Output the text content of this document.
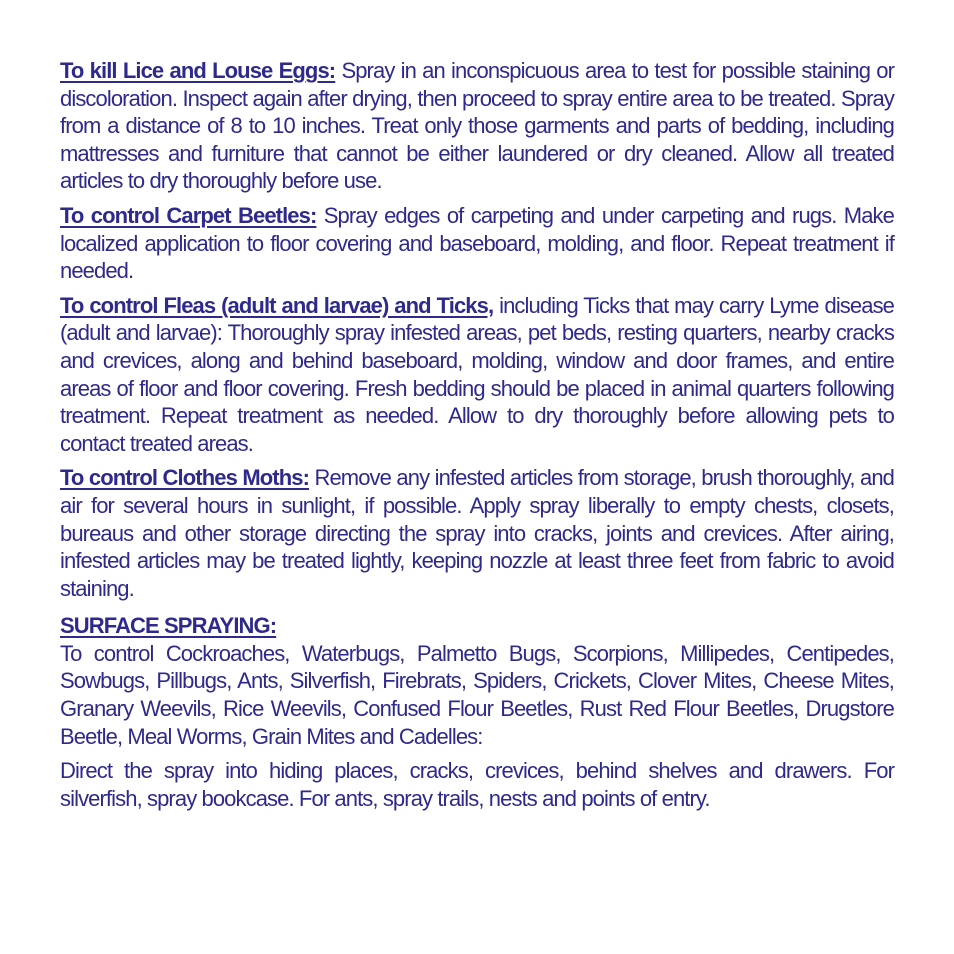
To kill Lice and Louse Eggs: Spray in an inconspicuous area to test for possible staining or discoloration. Inspect again after drying, then proceed to spray entire area to be treated. Spray from a distance of 8 to 10 inches. Treat only those garments and parts of bedding, including mattresses and furniture that cannot be either laundered or dry cleaned. Allow all treated articles to dry thoroughly before use.

To control Carpet Beetles: Spray edges of carpeting and under carpeting and rugs. Make localized application to floor covering and baseboard, molding, and floor. Repeat treatment if needed.

To control Fleas (adult and larvae) and Ticks, including Ticks that may carry Lyme disease (adult and larvae): Thoroughly spray infested areas, pet beds, resting quarters, nearby cracks and crevices, along and behind baseboard, molding, window and door frames, and entire areas of floor and floor covering. Fresh bedding should be placed in animal quarters following treatment. Repeat treatment as needed. Allow to dry thoroughly before allowing pets to contact treated areas.

To control Clothes Moths: Remove any infested articles from storage, brush thoroughly, and air for several hours in sunlight, if possible. Apply spray liberally to empty chests, closets, bureaus and other storage directing the spray into cracks, joints and crevices. After airing, infested articles may be treated lightly, keeping nozzle at least three feet from fabric to avoid staining.

SURFACE SPRAYING:

To control Cockroaches, Waterbugs, Palmetto Bugs, Scorpions, Millipedes, Centipedes, Sowbugs, Pillbugs, Ants, Silverfish, Firebrats, Spiders, Crickets, Clover Mites, Cheese Mites, Granary Weevils, Rice Weevils, Confused Flour Beetles, Rust Red Flour Beetles, Drugstore Beetle, Meal Worms, Grain Mites and Cadelles:

Direct the spray into hiding places, cracks, crevices, behind shelves and drawers. For silverfish, spray bookcase. For ants, spray trails, nests and points of entry.
